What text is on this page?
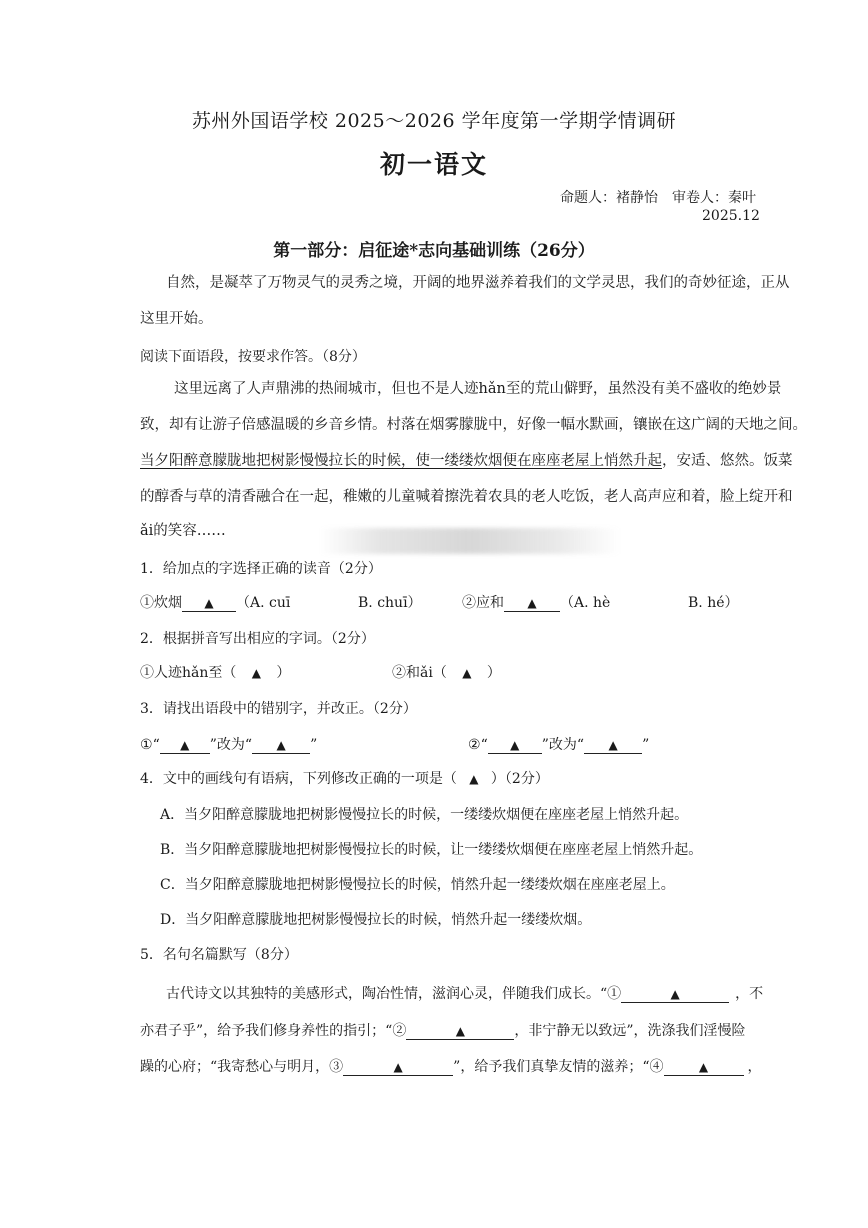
苏州外国语学校 2025～2026 学年度第一学期学情调研
初一语文
命题人：褚静怡　审卷人：秦叶
2025.12
第一部分：启征途*志向基础训练（26分）
自然，是凝萃了万物灵气的灵秀之境，开阔的地界滋养着我们的文学灵思，我们的奇妙征途，正从
这里开始。
阅读下面语段，按要求作答。（8分）
这里远离了人声鼎沸的热闹城市，但也不是人迹hǎn至的荒山僻野，虽然没有美不盛收的绝妙景
致，却有让游子倍感温暖的乡音乡情。村落在烟雾朦胧中，好像一幅水默画，镶嵌在这广阔的天地之间。
当夕阳醉意朦胧地把树影慢慢拉长的时候，使一缕缕炊烟便在座座老屋上悄然升起，安适、悠然。饭菜
的醇香与草的清香融合在一起，稚嫩的儿童喊着擦洗着农具的老人吃饭，老人高声应和着，脸上绽开和
ǎi的笑容……
1．给加点的字选择正确的读音（2分）
①炊烟 ▲ （A. cuī	B. chuī）	②应和 ▲ （A. hè	B. hé）
2．根据拼音写出相应的字词。（2分）
①人迹hǎn至（ ▲ ）	②和ǎi（ ▲ ）
3．请找出语段中的错别字，并改正。（2分）
①“ ▲ ”改为“ ▲ ”	②“ ▲ ”改为“ ▲ ”
4．文中的画线句有语病，下列修改正确的一项是（ ▲ ）（2分）
A．当夕阳醉意朦胧地把树影慢慢拉长的时候，一缕缕炊烟便在座座老屋上悄然升起。
B．当夕阳醉意朦胧地把树影慢慢拉长的时候，让一缕缕炊烟便在座座老屋上悄然升起。
C．当夕阳醉意朦胧地把树影慢慢拉长的时候，悄然升起一缕缕炊烟在座座老屋上。
D．当夕阳醉意朦胧地把树影慢慢拉长的时候，悄然升起一缕缕炊烟。
5．名句名篇默写（8分）
古代诗文以其独特的美感形式，陶冶性情，滋润心灵，伴随我们成长。“①	▲	，不
亦君子乎”，给予我们修身养性的指引；“②	▲	，非宁静无以致远”，洗涤我们淫慢险
躁的心府；“我寄愁心与明月，③	▲	”，给予我们真挚友情的滋养；“④	▲	，
